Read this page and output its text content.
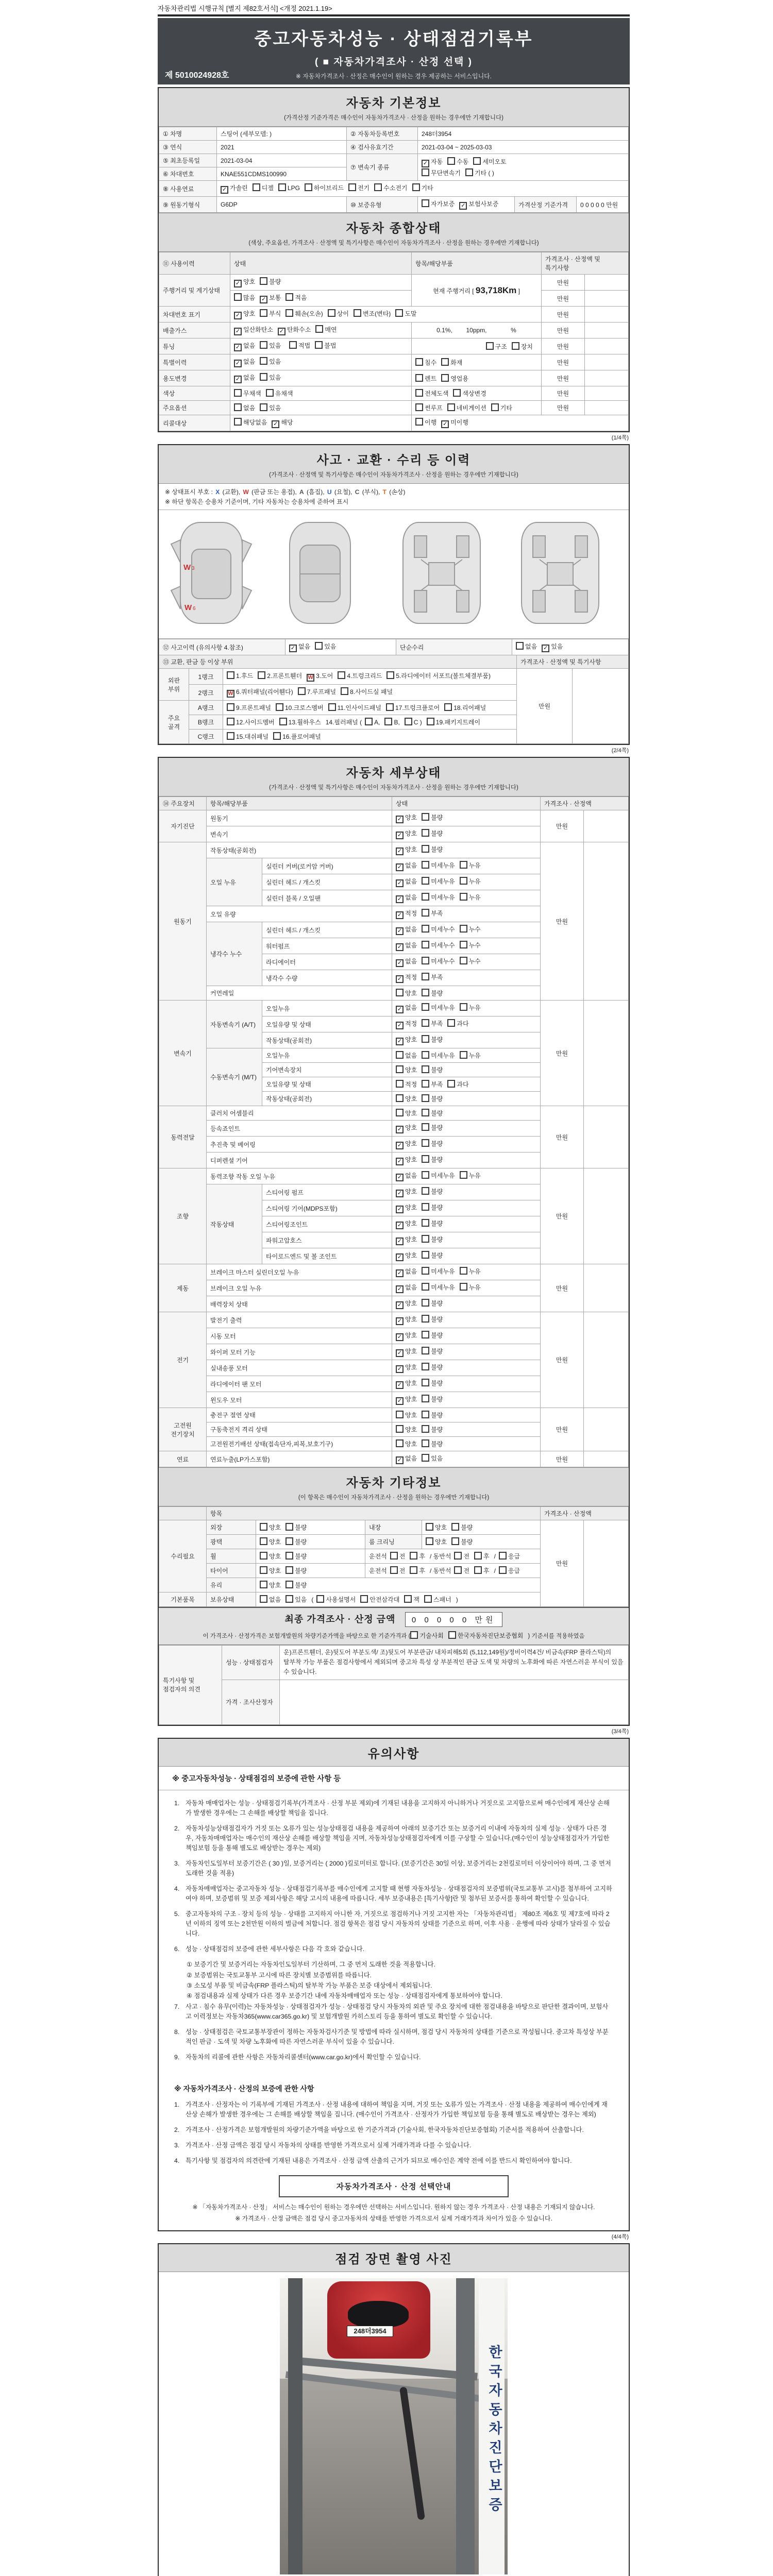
자동차관리법 시행규칙 [별지 제82호서식] <개정 2021.1.19>
중고자동차성능 · 상태점검기록부
( ■ 자동차가격조사 · 산정 선택 )
※ 자동차가격조사 · 산정은 매수인이 원하는 경우 제공하는 서비스입니다.
제 5010024928호
자동차 기본정보
(가격산정 기준가격은 매수인이 자동차가격조사 · 산정을 원하는 경우에만 기재합니다)
① 차명	스팅어 (세부모델: )	② 자동차등록번호	248더3954		
③ 연식	2021	④ 검사유효기간	2021-03-04 ~ 2025-03-03		
⑤ 최초등록일	2021-03-04	⑦ 변속기 종류	✓ 자동 수동 세미오토
무단변속기 기타 ( )		
⑥ 차대번호	KNAE551CDMS100990				
⑧ 사용연료	✓ 가솔린 디젤 LPG 하이브리드 전기 수소전기 기타				
⑨ 원동기형식	G6DP	⑩ 보증유형	자가보증 ✓ 보험사보증	가격산정 기준가격	0 0 0 0 0 만원
자동차 종합상태
(색상, 주요옵션, 가격조사 · 산정액 및 특기사항은 매수인이 자동차가격조사 · 산정을 원하는 경우에만 기재합니다)
⑪ 사용이력	상태	항목/해당부품	가격조사 · 산정액 및 특기사항	
주행거리 및 계기상태	✓ 양호 불량	현재 주행거리 [ 93,718Km ]	만원	
	많음 ✓ 보통 적음		만원	
차대번호 표기	✓ 양호 부식 훼손(오손) 상이 변조(변타) 도말		만원	
배출가스	✓ 일산화탄소 ✓ 탄화수소 매연	0.1%,        10ppm,              %	만원	
튜닝	✓ 없음 있음 적법 불법	구조 장치	만원	
특별이력	✓ 없음 있음	침수 화재	만원	
용도변경	✓ 없음 있음	렌트 영업용	만원	
색상	무채색 유채색	전체도색 색상변경	만원	
주요옵션	없음 있음	썬루프 네비게이션 기타	만원	
리콜대상	해당없음 ✓ 해당	이행 ✓ 미이행		
(1/4쪽)
사고 · 교환 · 수리 등 이력
(가격조사 · 산정액 및 특기사항은 매수인이 자동차가격조사 · 산정을 원하는 경우에만 기재합니다)
※ 상태표시 부호 : X (교환), W (판금 또는 용접), A (흠집), U (요철), C (부식), T (손상)
※ 하단 항목은 승용차 기준이며, 기타 자동차는 승용차에 준하여 표시
W
W
3
6
⑫ 사고이력 (유의사항 4.참조)	✓ 없음 있음	단순수리	없음 ✓ 있음
⑬ 교환, 판금 등 이상 부위			가격조사 · 산정액 및 특기사항	
외판 부위	1랭크	1.후드 2.프론트휀더 W 3.도어 4.트렁크리드 5.라디에이터 서포트(볼트체결부품)	만원	
	2랭크	W 6.쿼터패널(리어휀다) 7.루프패널 8.사이드실 패널		
주요 골격	A랭크	9.프론트패널 10.크로스멤버 11.인사이드패널 17.트렁크플로어 18.리어패널		
	B랭크	12.사이드멤버 13.휠하우스 14.필러패널 ( A, B, C ) 19.패키지트레이		
	C랭크	15.대쉬패널 16.플로어패널		
(2/4쪽)
자동차 세부상태
(가격조사 · 산정액 및 특기사항은 매수인이 자동차가격조사 · 산정을 원하는 경우에만 기재합니다)
⑭ 주요장치	항목/해당부품		상태	가격조사 · 산정액	
자기진단	원동기		✓ 양호 불량	만원	
	변속기		✓ 양호 불량		
원동기	작동상태(공회전)		✓ 양호 불량	만원	
	오일 누유	실린더 커버(로커암 커버)	✓ 없음 미세누유 누유		
		실린더 헤드 / 개스킷	✓ 없음 미세누유 누유		
		실린더 블록 / 오일팬	✓ 없음 미세누유 누유		
	오일 유량		✓ 적정 부족		
	냉각수 누수	실린더 헤드 / 개스킷	✓ 없음 미세누수 누수		
		워터펌프	✓ 없음 미세누수 누수		
		라디에이터	✓ 없음 미세누수 누수		
		냉각수 수량	✓ 적정 부족		
	커먼레일		양호 불량		
변속기	자동변속기 (A/T)	오일누유	✓ 없음 미세누유 누유	만원	
		오일유량 및 상태	✓ 적정 부족 과다		
		작동상태(공회전)	✓ 양호 불량		
	수동변속기 (M/T)	오일누유	없음 미세누유 누유		
		기어변속장치	양호 불량		
		오일유량 및 상태	적정 부족 과다		
		작동상태(공회전)	양호 불량		
동력전달	클러치 어셈블리		양호 불량	만원	
	등속죠인트		✓ 양호 불량		
	추진축 및 베어링		✓ 양호 불량		
	디퍼렌셜 기어		✓ 양호 불량		
조향	동력조향 작동 오일 누유		✓ 없음 미세누유 누유	만원	
	작동상태	스티어링 펌프	✓ 양호 불량		
		스티어링 기어(MDPS포함)	✓ 양호 불량		
		스티어링조인트	✓ 양호 불량		
		파워고압호스	✓ 양호 불량		
		타이로드엔드 및 볼 조인트	✓ 양호 불량		
제동	브레이크 마스터 실린더오일 누유		✓ 없음 미세누유 누유	만원	
	브레이크 오일 누유		✓ 없음 미세누유 누유		
	배력장치 상태		✓ 양호 불량		
전기	발전기 출력		✓ 양호 불량	만원	
	시동 모터		✓ 양호 불량		
	와이퍼 모터 기능		✓ 양호 불량		
	실내송풍 모터		✓ 양호 불량		
	라디에이터 팬 모터		✓ 양호 불량		
	윈도우 모터		✓ 양호 불량		
고전원 전기장치	충전구 절연 상태		양호 불량	만원	
	구동축전지 격리 상태		양호 불량		
	고전원전기배선 상태(접속단자,피복,보호기구)		양호 불량		
연료	연료누출(LP가스포함)		✓ 없음 있음	만원	
자동차 기타정보
(이 항목은 매수인이 자동차가격조사 · 산정을 원하는 경우에만 기재합니다)
	항목				가격조사 · 산정액	
수리필요	외장	양호 불량	내장	양호 불량	만원	
	광택	양호 불량	룸 크리닝	양호 불량		
	휠	양호 불량	운전석 전 후 / 동반석 전 후 / 응급			
	타이어	양호 불량	운전석 전 후 / 동반석 전 후 / 응급			
	유리	양호 불량				
기본품목	보유상태	없음 있음 ( 사용설명서 안전삼각대 잭 스패너 )				
최종 가격조사 · 산정 금액 0 0 0 0 0 만원
이 가격조사 · 산정가격은 보험개발원의 차량기준가액을 바탕으로 한 기준가격과 ( 기술사회 한국자동차진단보증협회 ) 기준서를 적용하였음
특기사항 및 점검자의 의견	성능 · 상태점검자	운)프론트휀더, 운)뒷도어 부분도색/ 조)뒷도어 부분판금/ 내차피해5회 (5,112,149원)/정비이력4건/ 비금속(FRP 플라스틱)의 탈부착 가능 부품은 점검사항에서 제외되며 중고차 특성 상 부분적인 판금 도색 및 차량의 노후화에 따른 자연스러운 부식이 있을 수 있습니다.
	가격 · 조사산정자	
(3/4쪽)
유의사항
※ 중고자동차성능 · 상태점검의 보증에 관한 사항 등
1. 자동차 매매업자는 성능 · 상태점검기록부(가격조사 · 산정 부분 제외)에 기재된 내용을 고지하지 아니하거나 거짓으로 고지함으로써 매수인에게 재산상 손해가 발생한 경우에는 그 손해를 배상할 책임을 집니다.
2. 자동차성능상태점검자가 거짓 또는 오류가 있는 성능상태점검 내용을 제공하여 아래의 보증기간 또는 보증거리 이내에 자동차의 실제 성능 · 상태가 다른 경우, 자동차매매업자는 매수인의 재산상 손해를 배상할 책임을 지며, 자동차성능상태점검자에게 이를 구상할 수 있습니다.(매수인이 성능상태점검자가 가입한 책임보험 등을 통해 별도로 배상받는 경우는 제외)
3. 자동차인도일부터 보증기간은 ( 30 )일, 보증거리는 ( 2000 )킬로미터로 합니다. (보증기간은 30일 이상, 보증거리는 2천킬로미터 이상이어야 하며, 그 중 먼저 도래한 것을 적용)
4. 자동차매매업자는 중고자동차 성능 · 상태점검기록부를 매수인에게 고지할 때 현행 자동차성능 · 상태점검자의 보증범위(국토교통부 고시)를 첨부하여 고지하여야 하며, 보증범위 및 보증 제외사항은 해당 고시의 내용에 따릅니다. 세부 보증내용은 [특기사항]란 및 첨부된 보증서를 통하여 확인할 수 있습니다.
5. 중고자동차의 구조 · 장치 등의 성능 · 상태를 고지하지 아니한 자, 거짓으로 점검하거나 거짓 고지한 자는 「자동차관리법」 제80조 제6호 및 제7호에 따라 2년 이하의 징역 또는 2천만원 이하의 벌금에 처합니다. 점검 항목은 점검 당시 자동차의 상태를 기준으로 하며, 이후 사용 · 운행에 따라 상태가 달라질 수 있습니다.
6. 성능 · 상태점검의 보증에 관한 세부사항은 다음 각 호와 같습니다.
① 보증기간 및 보증거리는 자동차인도일부터 기산하며, 그 중 먼저 도래한 것을 적용합니다.
② 보증범위는 국토교통부 고시에 따른 장치별 보증범위를 따릅니다.
③ 소모성 부품 및 비금속(FRP 플라스틱)의 탈부착 가능 부품은 보증 대상에서 제외됩니다.
④ 점검내용과 실제 상태가 다른 경우 보증기간 내에 자동차매매업자 또는 성능 · 상태점검자에게 통보하여야 합니다.
7. 사고 · 침수 유무(이력)는 자동차성능 · 상태점검자가 성능 · 상태점검 당시 자동차의 외관 및 주요 장치에 대한 점검내용을 바탕으로 판단한 결과이며, 보험사고 이력정보는 자동차365(www.car365.go.kr) 및 보험개발원 카히스토리 등을 통하여 별도로 확인할 수 있습니다.
8. 성능 · 상태점검은 국토교통부장관이 정하는 자동차검사기준 및 방법에 따라 실시하며, 점검 당시 자동차의 상태를 기준으로 작성됩니다. 중고차 특성상 부분적인 판금 · 도색 및 차량 노후화에 따른 자연스러운 부식이 있을 수 있습니다.
9. 자동차의 리콜에 관한 사항은 자동차리콜센터(www.car.go.kr)에서 확인할 수 있습니다.
※ 자동차가격조사 · 산정의 보증에 관한 사항
1. 가격조사 · 산정자는 이 기록부에 기재된 가격조사 · 산정 내용에 대하여 책임을 지며, 거짓 또는 오류가 있는 가격조사 · 산정 내용을 제공하여 매수인에게 재산상 손해가 발생한 경우에는 그 손해를 배상할 책임을 집니다. (매수인이 가격조사 · 산정자가 가입한 책임보험 등을 통해 별도로 배상받는 경우는 제외)
2. 가격조사 · 산정가격은 보험개발원의 차량기준가액을 바탕으로 한 기준가격과 (기술사회, 한국자동차진단보증협회) 기준서를 적용하여 산출합니다.
3. 가격조사 · 산정 금액은 점검 당시 자동차의 상태를 반영한 가격으로서 실제 거래가격과 다를 수 있습니다.
4. 특기사항 및 점검자의 의견란에 기재된 내용은 가격조사 · 산정 금액 산출의 근거가 되므로 매수인은 계약 전에 이를 반드시 확인하여야 합니다.
자동차가격조사 · 산정 선택안내
※ 「자동차가격조사 · 산정」 서비스는 매수인이 원하는 경우에만 선택하는 서비스입니다. 원하지 않는 경우 가격조사 · 산정 내용은 기재되지 않습니다.
※ 가격조사 · 산정 금액은 점검 당시 중고자동차의 상태를 반영한 가격으로서 실제 거래가격과 차이가 있을 수 있습니다.
(4/4쪽)
점검 장면 촬영 사진
248더3954
한국자동차진단보증
